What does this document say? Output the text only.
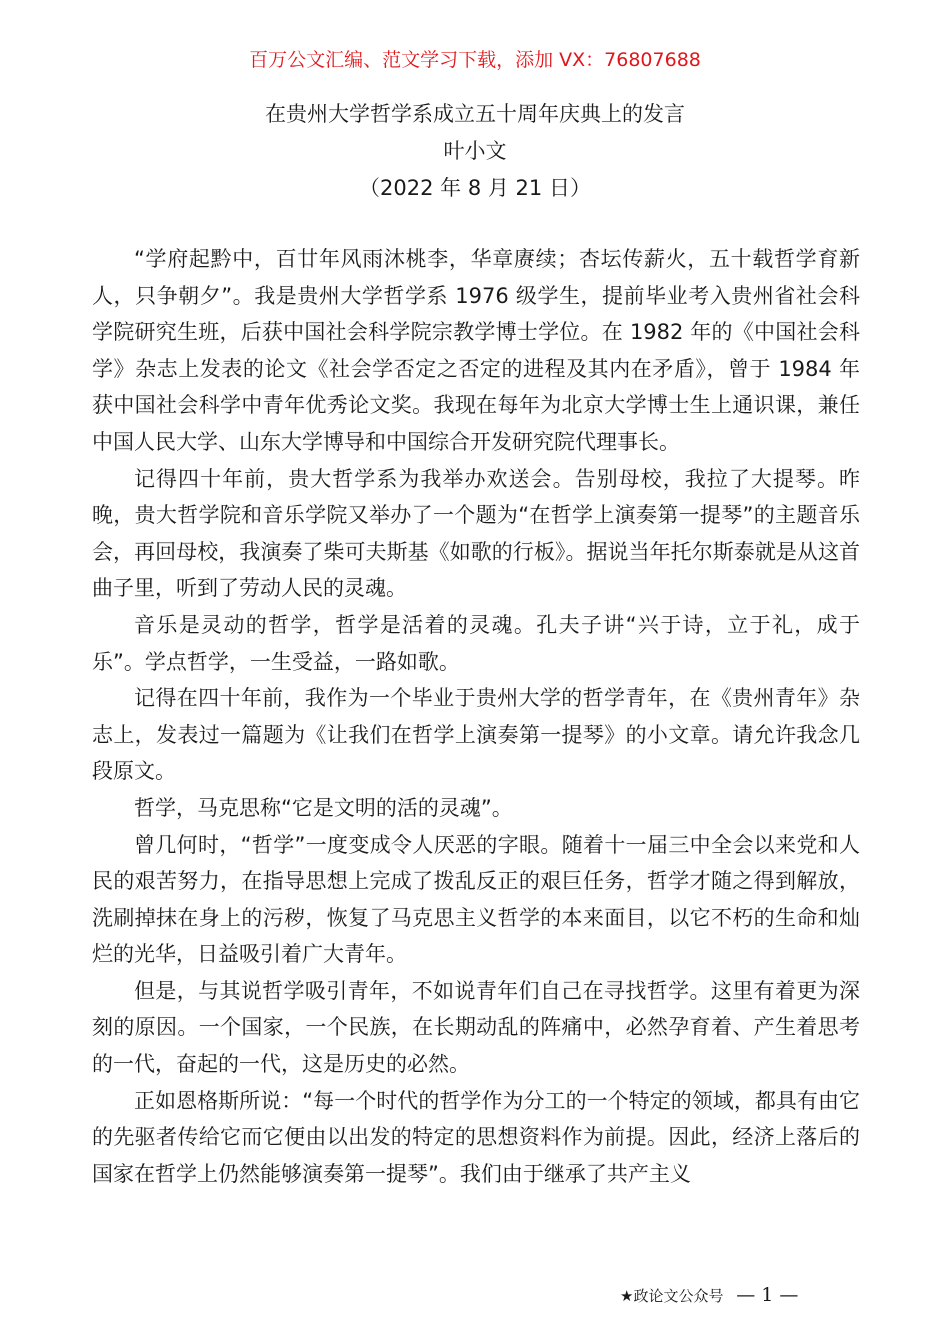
百万公文汇编、范文学习下载，添加 VX：76807688
在贵州大学哲学系成立五十周年庆典上的发言
叶小文
（2022 年 8 月 21 日）

“学府起黔中，百廿年风雨沐桃李，华章赓续；杏坛传薪火，五十载哲学育新人，只争朝夕”。我是贵州大学哲学系 1976 级学生，提前毕业考入贵州省社会科学院研究生班，后获中国社会科学院宗教学博士学位。在 1982 年的《中国社会科学》杂志上发表的论文《社会学否定之否定的进程及其内在矛盾》，曾于 1984 年获中国社会科学中青年优秀论文奖。我现在每年为北京大学博士生上通识课，兼任中国人民大学、山东大学博导和中国综合开发研究院代理事长。

记得四十年前，贵大哲学系为我举办欢送会。告别母校，我拉了大提琴。昨晚，贵大哲学院和音乐学院又举办了一个题为“在哲学上演奏第一提琴”的主题音乐会，再回母校，我演奏了柴可夫斯基《如歌的行板》。据说当年托尔斯泰就是从这首曲子里，听到了劳动人民的灵魂。

音乐是灵动的哲学，哲学是活着的灵魂。孔夫子讲“兴于诗，立于礼，成于乐”。学点哲学，一生受益，一路如歌。

记得在四十年前，我作为一个毕业于贵州大学的哲学青年，在《贵州青年》杂志上，发表过一篇题为《让我们在哲学上演奏第一提琴》的小文章。请允许我念几段原文。

哲学，马克思称“它是文明的活的灵魂”。

曾几何时，“哲学”一度变成令人厌恶的字眼。随着十一届三中全会以来党和人民的艰苦努力，在指导思想上完成了拨乱反正的艰巨任务，哲学才随之得到解放，洗刷掉抹在身上的污秽，恢复了马克思主义哲学的本来面目，以它不朽的生命和灿烂的光华，日益吸引着广大青年。

但是，与其说哲学吸引青年，不如说青年们自己在寻找哲学。这里有着更为深刻的原因。一个国家，一个民族，在长期动乱的阵痛中，必然孕育着、产生着思考的一代，奋起的一代，这是历史的必然。

正如恩格斯所说：“每一个时代的哲学作为分工的一个特定的领域，都具有由它的先驱者传给它而它便由以出发的特定的思想资料作为前提。因此，经济上落后的国家在哲学上仍然能够演奏第一提琴”。我们由于继承了共产主义

★政论文公众号 — 1 —
